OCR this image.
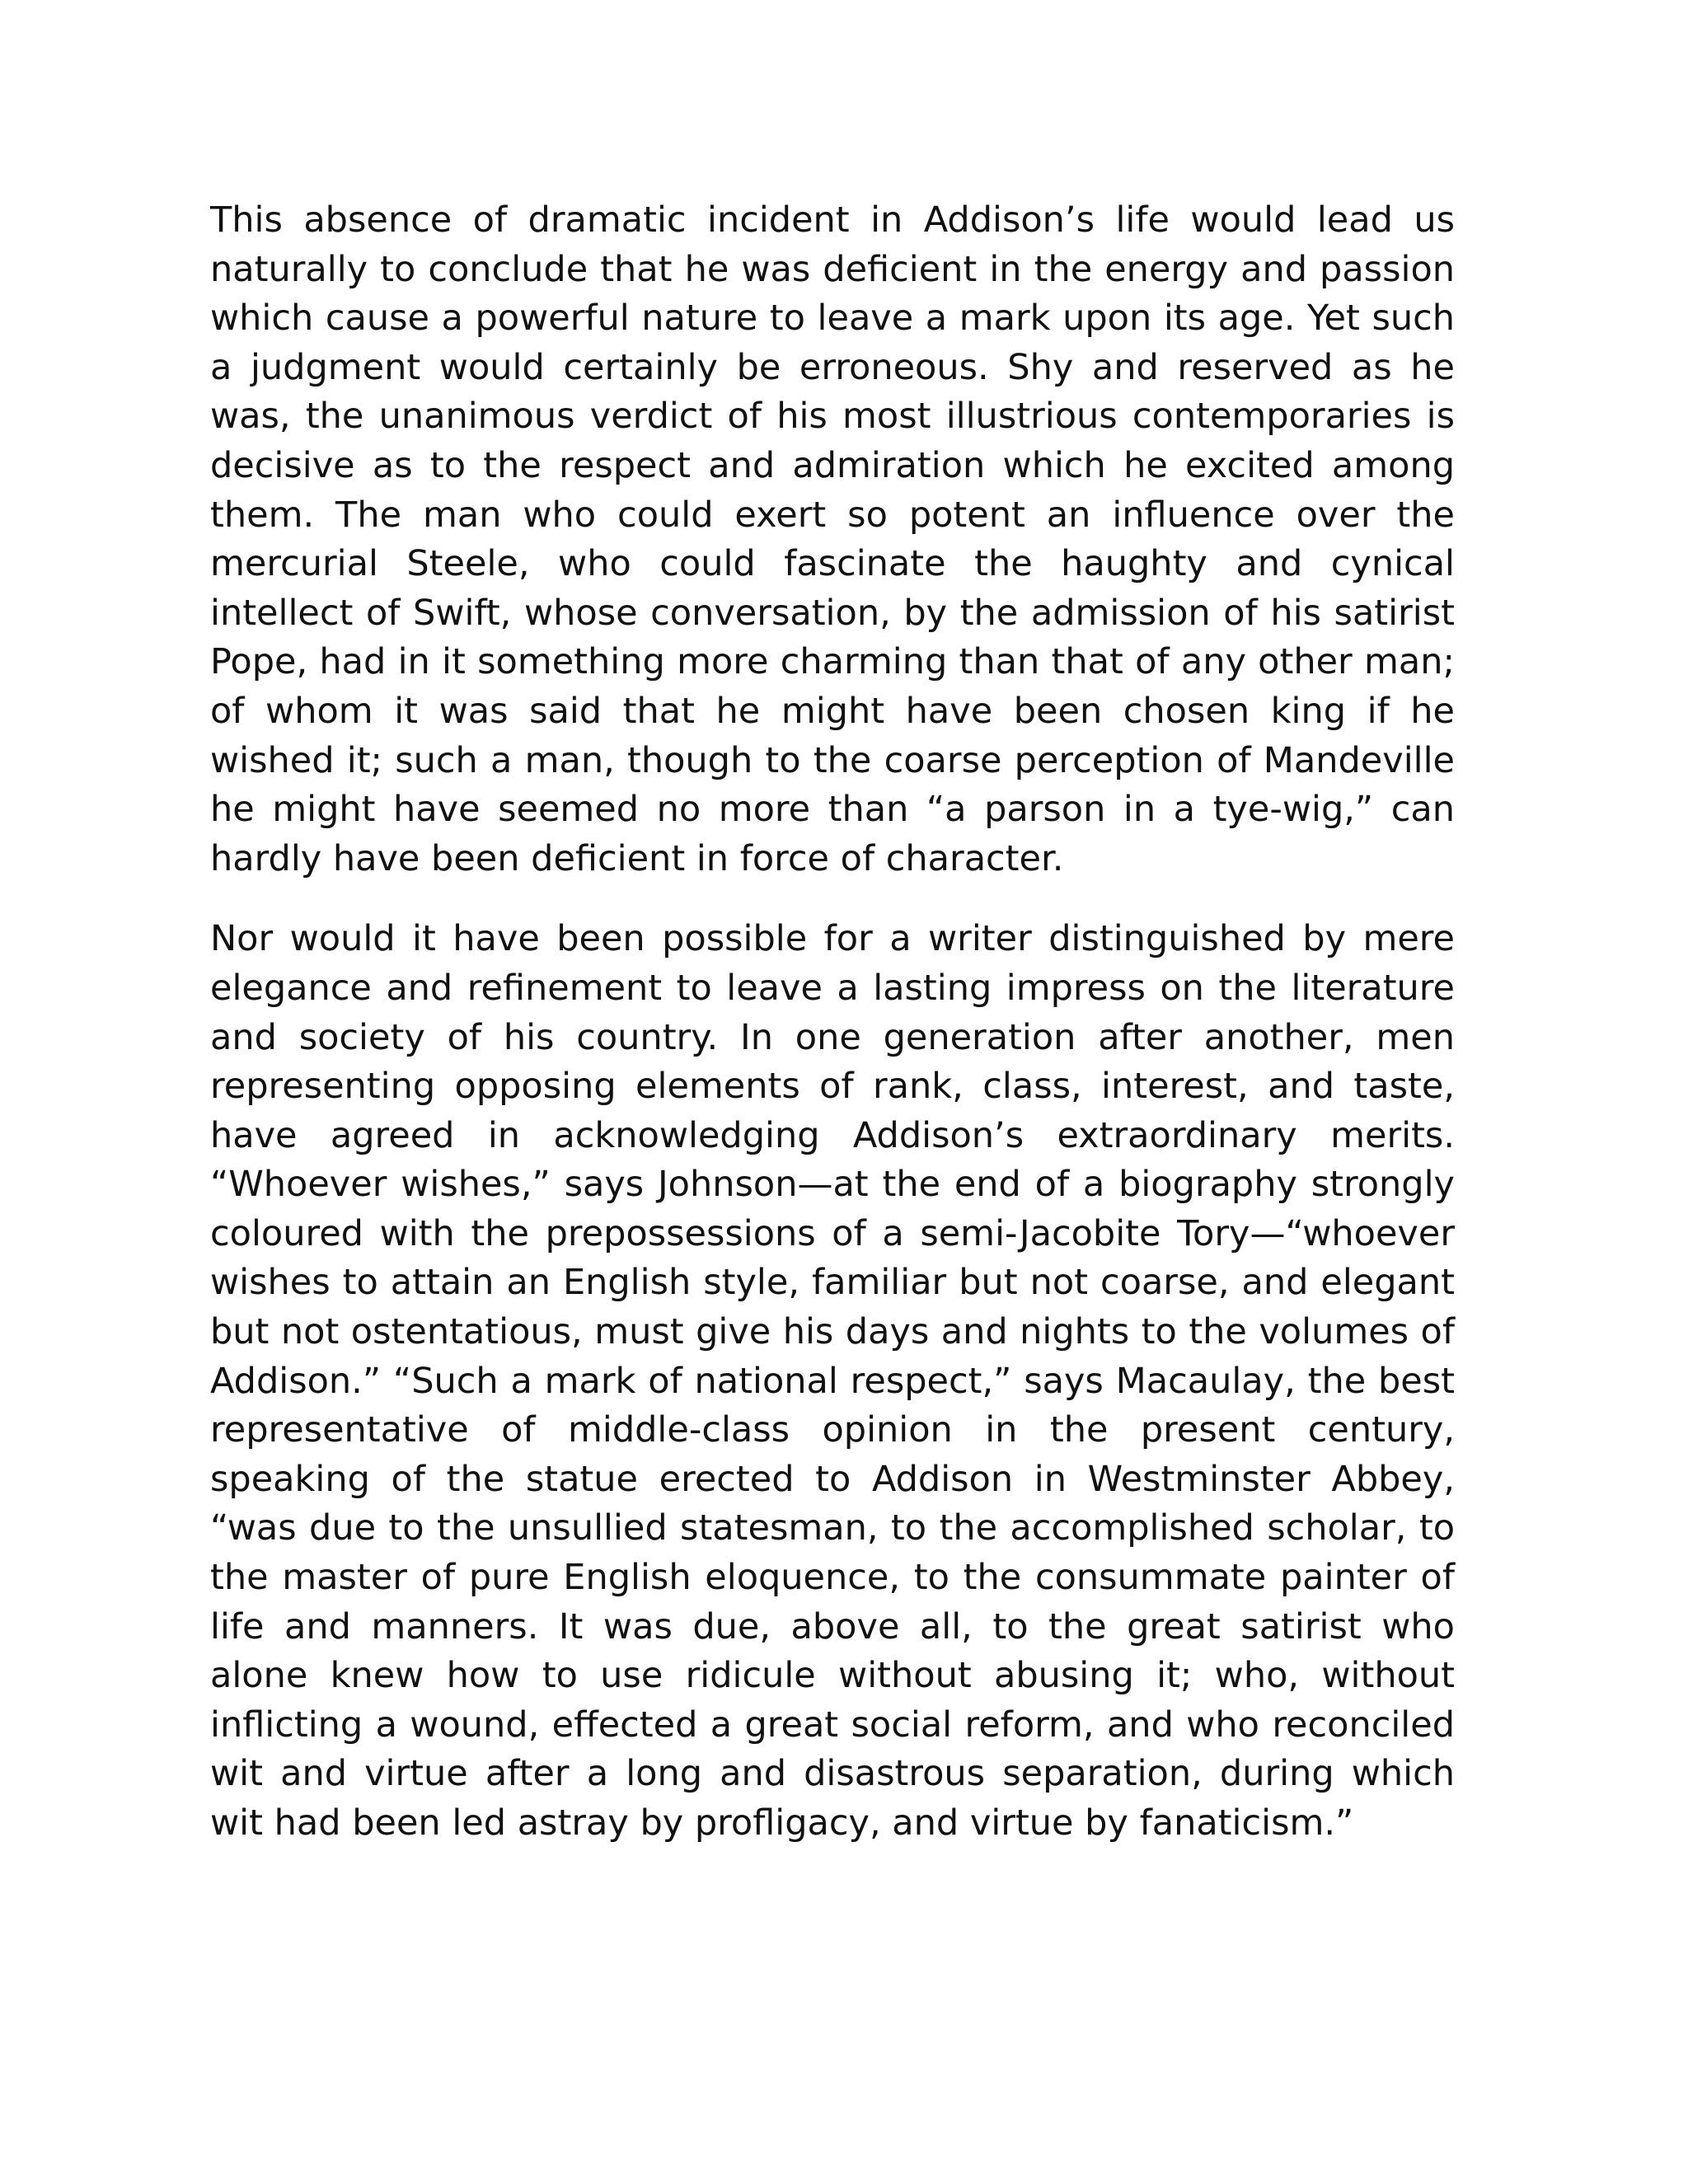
This absence of dramatic incident in Addison’s life would lead us naturally to conclude that he was deficient in the energy and passion which cause a powerful nature to leave a mark upon its age. Yet such a judgment would certainly be erroneous. Shy and reserved as he was, the unanimous verdict of his most illustrious contemporaries is decisive as to the respect and admiration which he excited among them. The man who could exert so potent an influence over the mercurial Steele, who could fascinate the haughty and cynical intellect of Swift, whose conversation, by the admission of his satirist Pope, had in it something more charming than that of any other man; of whom it was said that he might have been chosen king if he wished it; such a man, though to the coarse perception of Mandeville he might have seemed no more than “a parson in a tye-wig,” can hardly have been deficient in force of character.

Nor would it have been possible for a writer distinguished by mere elegance and refinement to leave a lasting impress on the literature and society of his country. In one generation after another, men representing opposing elements of rank, class, interest, and taste, have agreed in acknowledging Addison’s extraordinary merits. “Whoever wishes,” says Johnson—at the end of a biography strongly coloured with the prepossessions of a semi-Jacobite Tory—“whoever wishes to attain an English style, familiar but not coarse, and elegant but not ostentatious, must give his days and nights to the volumes of Addison.” “Such a mark of national respect,” says Macaulay, the best representative of middle-class opinion in the present century, speaking of the statue erected to Addison in Westminster Abbey, “was due to the unsullied statesman, to the accomplished scholar, to the master of pure English eloquence, to the consummate painter of life and manners. It was due, above all, to the great satirist who alone knew how to use ridicule without abusing it; who, without inflicting a wound, effected a great social reform, and who reconciled wit and virtue after a long and disastrous separation, during which wit had been led astray by profligacy, and virtue by fanaticism.”
